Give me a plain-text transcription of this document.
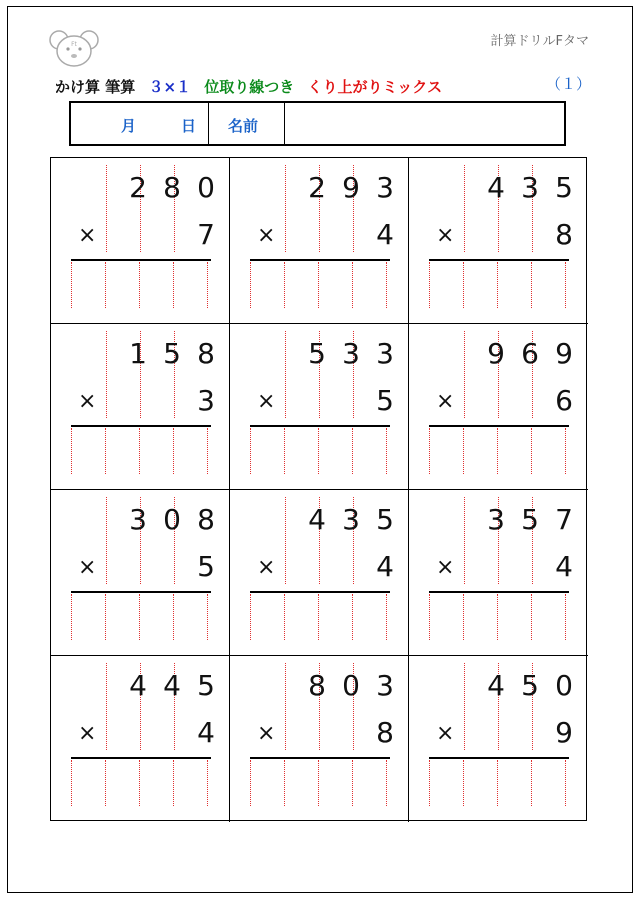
Ft	計算ドリルFタマ
かけ算 筆算 ３×１ 位取り線つき くり上がりミックス	（１）
月	日 名前
2 8 0
×	7
2 9 3
×	4
4 3 5
×	8
1 5 8
×	3
5 3 3
×	5
9 6 9
×	6
3 0 8
×	5
4 3 5
×	4
3 5 7
×	4
4 4 5
×	4
8 0 3
×	8
4 5 0
×	9
